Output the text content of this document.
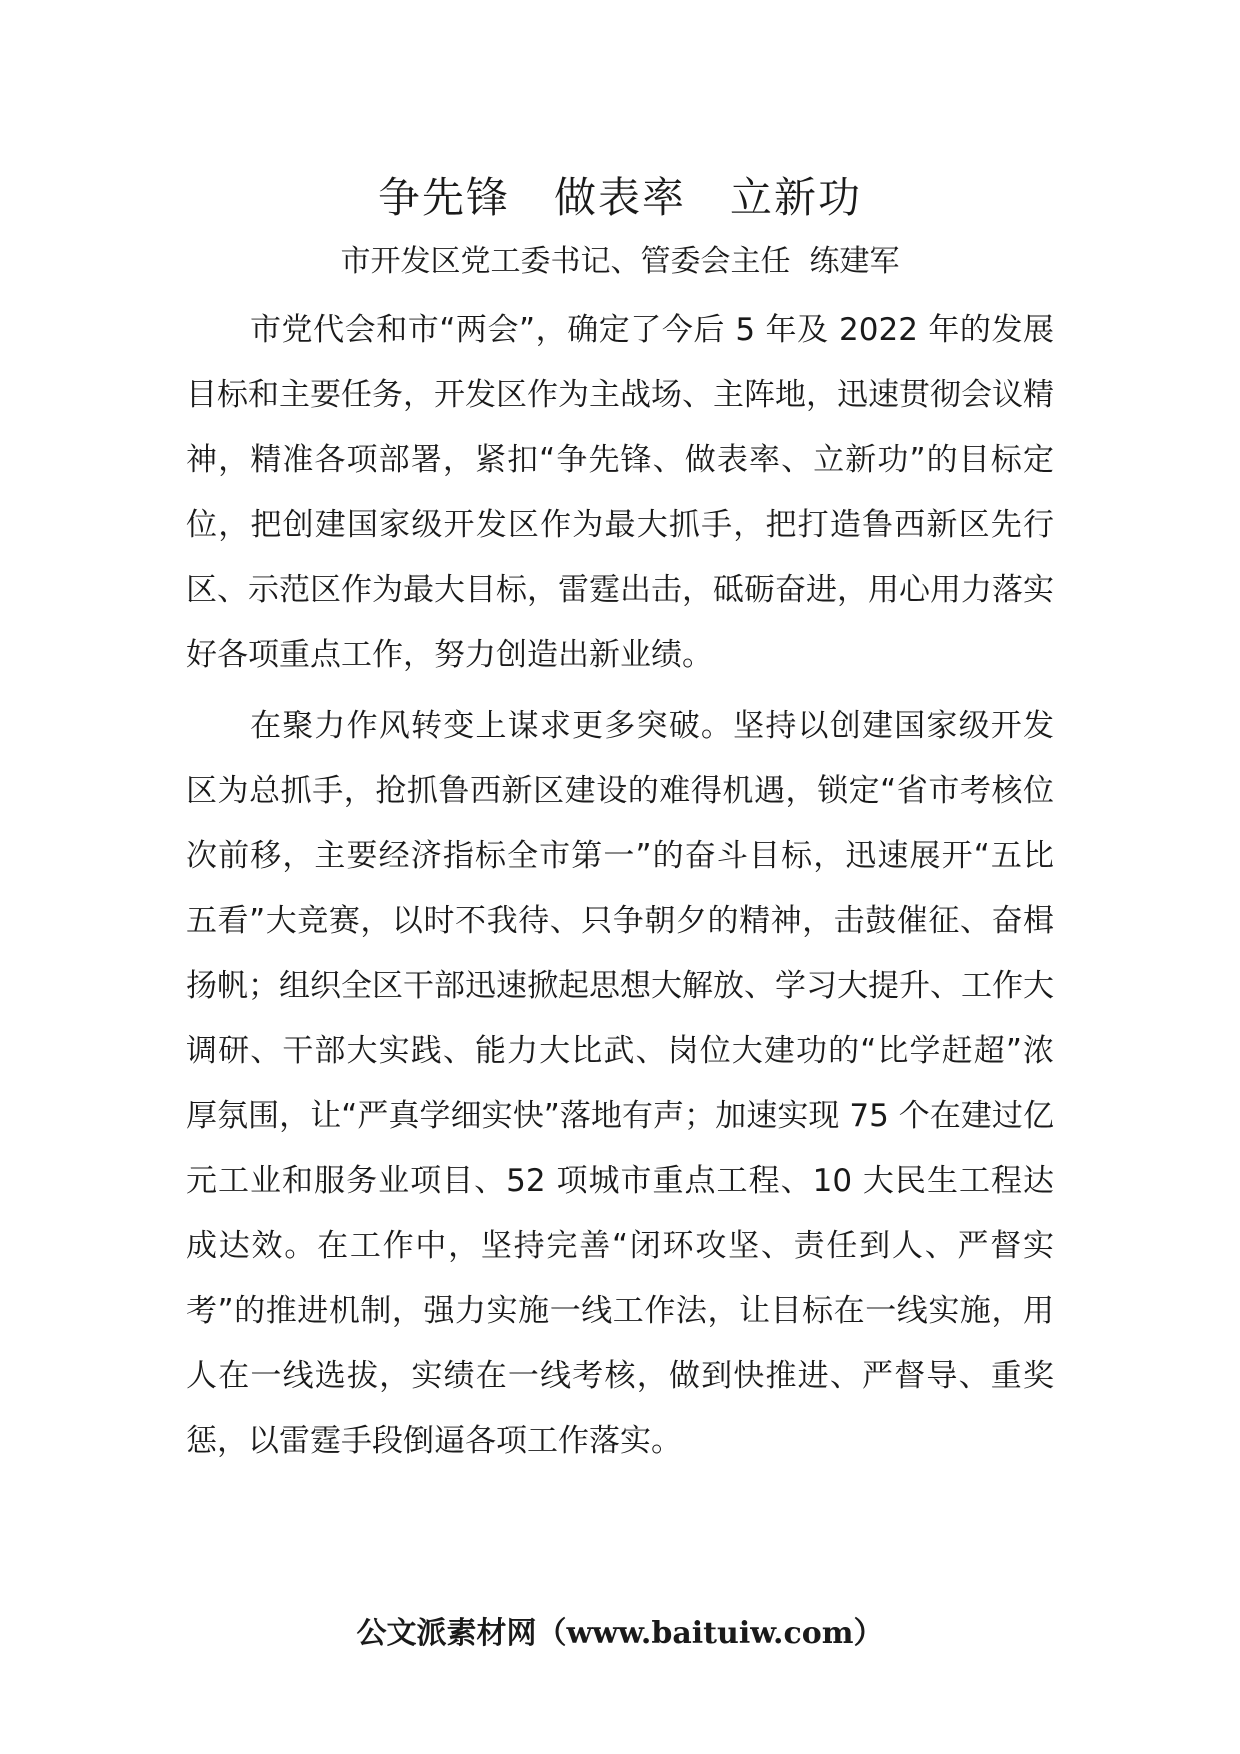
争先锋　做表率　立新功
市开发区党工委书记、管委会主任  练建军

市党代会和市“两会”，确定了今后 5 年及 2022 年的发展目标和主要任务，开发区作为主战场、主阵地，迅速贯彻会议精神，精准各项部署，紧扣“争先锋、做表率、立新功”的目标定位，把创建国家级开发区作为最大抓手，把打造鲁西新区先行区、示范区作为最大目标，雷霆出击，砥砺奋进，用心用力落实好各项重点工作，努力创造出新业绩。

在聚力作风转变上谋求更多突破。坚持以创建国家级开发区为总抓手，抢抓鲁西新区建设的难得机遇，锁定“省市考核位次前移，主要经济指标全市第一”的奋斗目标，迅速展开“五比五看”大竞赛，以时不我待、只争朝夕的精神，击鼓催征、奋楫扬帆；组织全区干部迅速掀起思想大解放、学习大提升、工作大调研、干部大实践、能力大比武、岗位大建功的“比学赶超”浓厚氛围，让“严真学细实快”落地有声；加速实现 75 个在建过亿元工业和服务业项目、52 项城市重点工程、10 大民生工程达成达效。在工作中，坚持完善“闭环攻坚、责任到人、严督实考”的推进机制，强力实施一线工作法，让目标在一线实施，用人在一线选拔，实绩在一线考核，做到快推进、严督导、重奖惩，以雷霆手段倒逼各项工作落实。

公文派素材网（www.baituiw.com）
